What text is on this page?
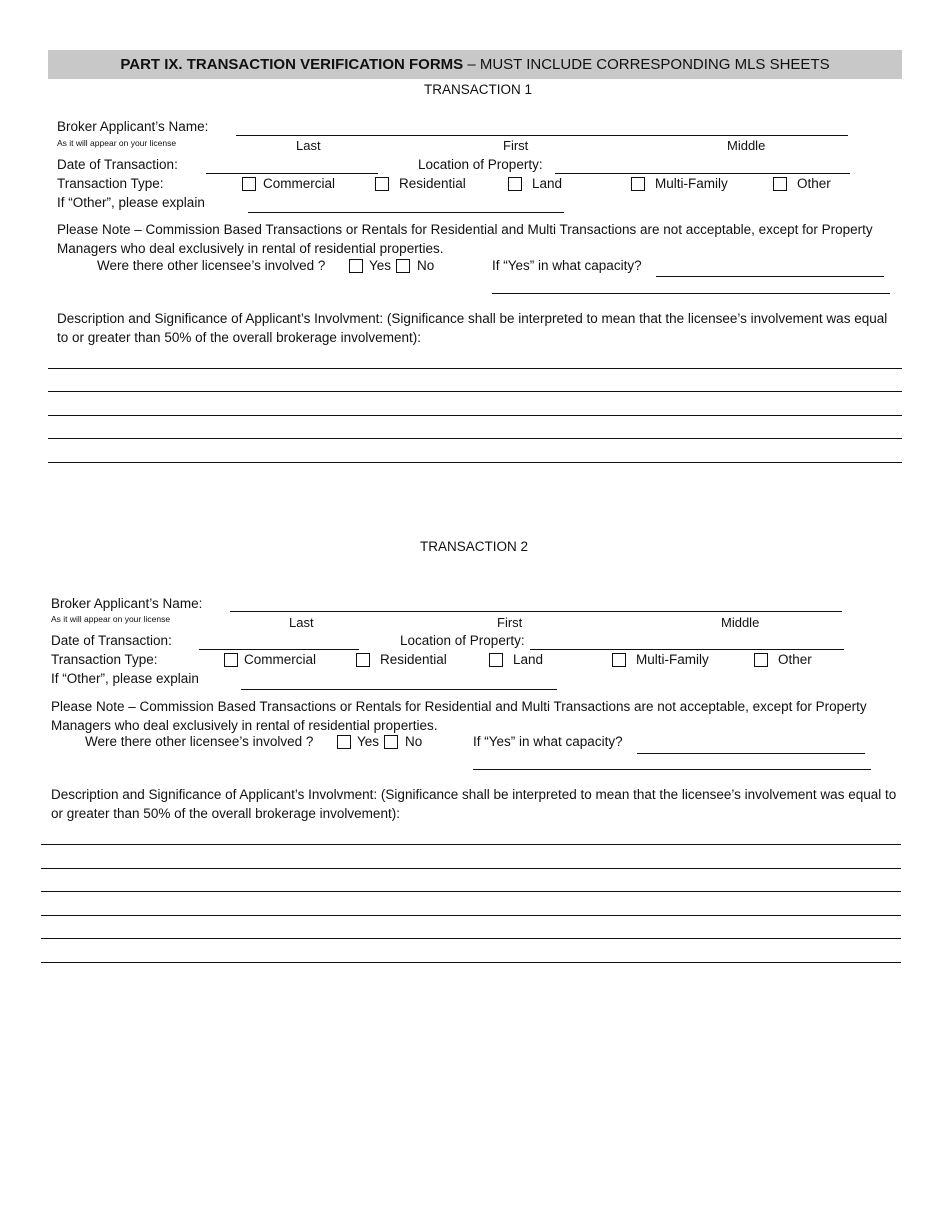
PART IX. TRANSACTION VERIFICATION FORMS – MUST INCLUDE CORRESPONDING MLS SHEETS
TRANSACTION 1
Broker Applicant’s Name:
As it will appear on your license	Last	First	Middle
Date of Transaction:	Location of Property:
Transaction Type:	Commercial	Residential	Land	Multi-Family	Other
If “Other”, please explain
Please Note – Commission Based Transactions or Rentals for Residential and Multi Transactions are not acceptable, except for Property Managers who deal exclusively in rental of residential properties.
Were there other licensee’s involved ?	Yes No	If “Yes” in what capacity?
Description and Significance of Applicant’s Involvment: (Significance shall be interpreted to mean that the licensee’s involvement was equal to or greater than 50% of the overall brokerage involvement):
TRANSACTION 2
Broker Applicant’s Name:
As it will appear on your license	Last	First	Middle
Date of Transaction:	Location of Property:
Transaction Type:	Commercial	Residential	Land	Multi-Family	Other
If “Other”, please explain
Please Note – Commission Based Transactions or Rentals for Residential and Multi Transactions are not acceptable, except for Property Managers who deal exclusively in rental of residential properties.
Were there other licensee’s involved ?	Yes No	If “Yes” in what capacity?
Description and Significance of Applicant’s Involvment: (Significance shall be interpreted to mean that the licensee’s involvement was equal to or greater than 50% of the overall brokerage involvement):
